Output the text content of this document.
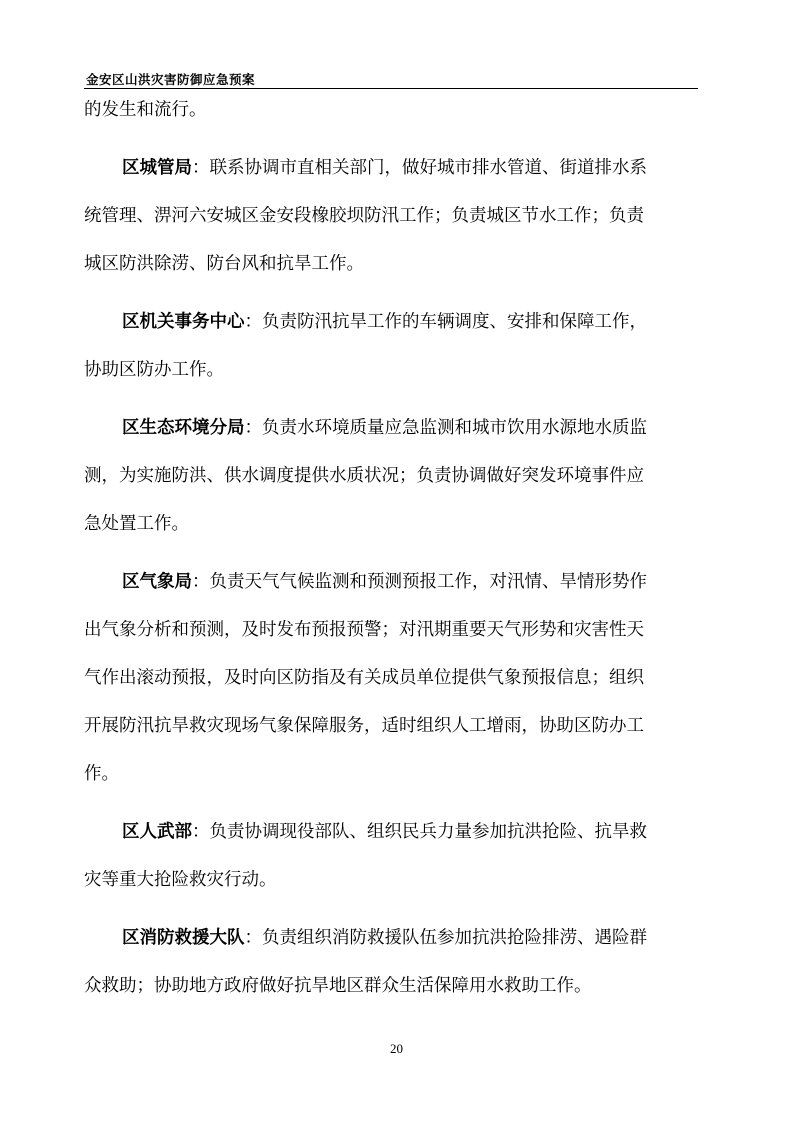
金安区山洪灾害防御应急预案
的发生和流行。
区城管局：联系协调市直相关部门，做好城市排水管道、街道排水系
统管理、淠河六安城区金安段橡胶坝防汛工作；负责城区节水工作；负责
城区防洪除涝、防台风和抗旱工作。
区机关事务中心：负责防汛抗旱工作的车辆调度、安排和保障工作，
协助区防办工作。
区生态环境分局：负责水环境质量应急监测和城市饮用水源地水质监
测，为实施防洪、供水调度提供水质状况；负责协调做好突发环境事件应
急处置工作。
区气象局：负责天气气候监测和预测预报工作，对汛情、旱情形势作
出气象分析和预测，及时发布预报预警；对汛期重要天气形势和灾害性天
气作出滚动预报，及时向区防指及有关成员单位提供气象预报信息；组织
开展防汛抗旱救灾现场气象保障服务，适时组织人工增雨，协助区防办工
作。
区人武部：负责协调现役部队、组织民兵力量参加抗洪抢险、抗旱救
灾等重大抢险救灾行动。
区消防救援大队：负责组织消防救援队伍参加抗洪抢险排涝、遇险群
众救助；协助地方政府做好抗旱地区群众生活保障用水救助工作。
20
